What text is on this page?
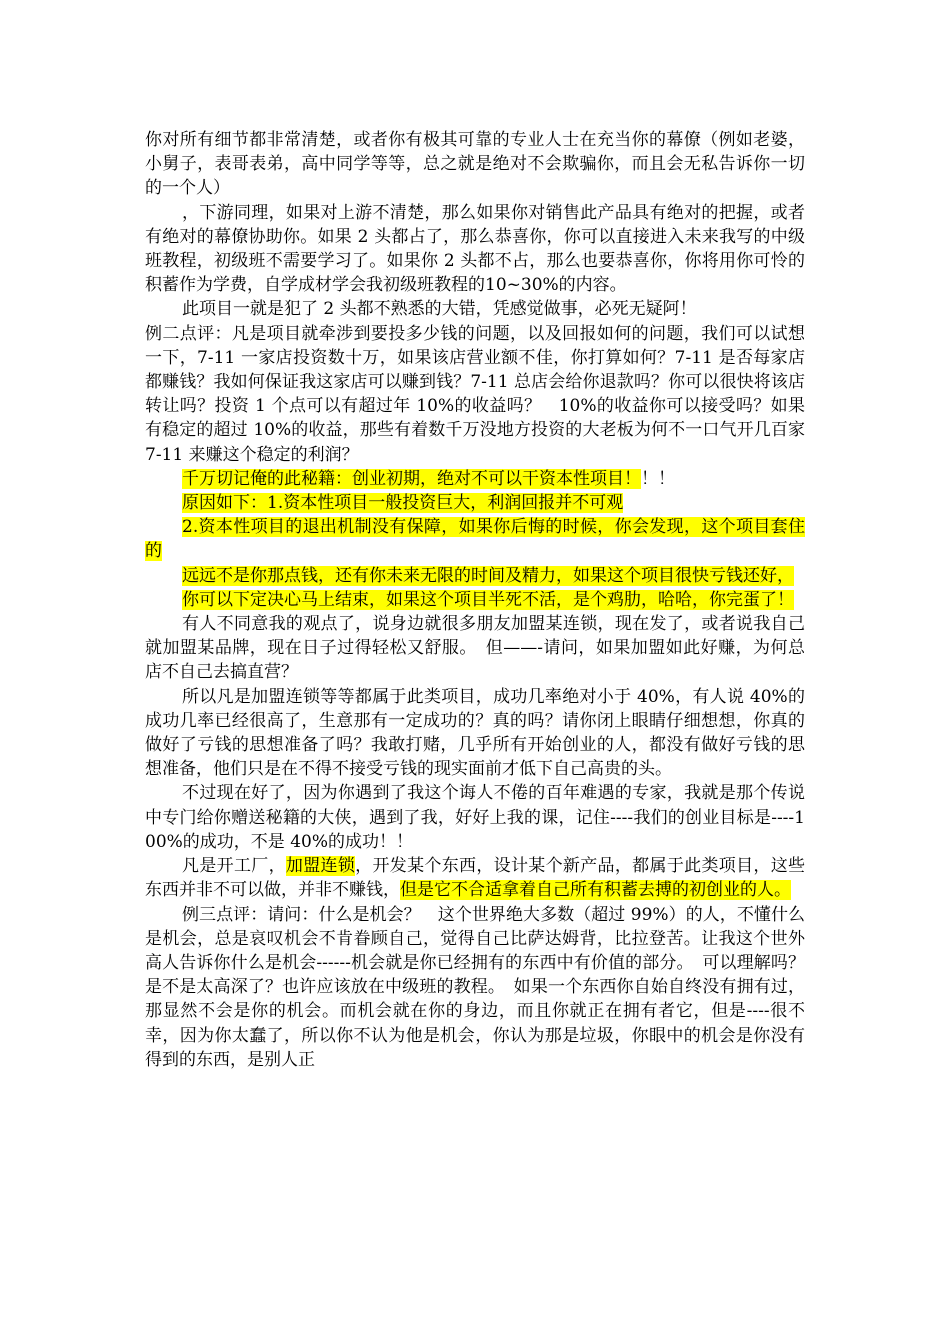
你对所有细节都非常清楚，或者你有极其可靠的专业人士在充当你的幕僚（例如老婆，小舅子，表哥表弟，高中同学等等，总之就是绝对不会欺骗你，而且会无私告诉你一切的一个人）

，下游同理，如果对上游不清楚，那么如果你对销售此产品具有绝对的把握，或者有绝对的幕僚协助你。如果 2 头都占了，那么恭喜你，你可以直接进入未来我写的中级班教程，初级班不需要学习了。如果你 2 头都不占，那么也要恭喜你，你将用你可怜的积蓄作为学费，自学成材学会我初级班教程的10~30%的内容。

此项目一就是犯了 2 头都不熟悉的大错，凭感觉做事，必死无疑阿！

例二点评：凡是项目就牵涉到要投多少钱的问题，以及回报如何的问题，我们可以试想一下，7-11 一家店投资数十万，如果该店营业额不佳，你打算如何？7-11 是否每家店都赚钱？我如何保证我这家店可以赚到钱？7-11 总店会给你退款吗？你可以很快将该店转让吗？投资 1 个点可以有超过年 10%的收益吗？　10%的收益你可以接受吗？如果有稳定的超过 10%的收益，那些有着数千万没地方投资的大老板为何不一口气开几百家 7-11 来赚这个稳定的利润？

千万切记俺的此秘籍：创业初期，绝对不可以干资本性项目！！！

原因如下：1.资本性项目一般投资巨大，利润回报并不可观

2.资本性项目的退出机制没有保障，如果你后悔的时候，你会发现，这个项目套住的

远远不是你那点钱，还有你未来无限的时间及精力，如果这个项目很快亏钱还好，

你可以下定决心马上结束，如果这个项目半死不活，是个鸡肋，哈哈，你完蛋了！

有人不同意我的观点了，说身边就很多朋友加盟某连锁，现在发了，或者说我自己就加盟某品牌，现在日子过得轻松又舒服。　但——-请问，如果加盟如此好赚，为何总店不自己去搞直营？

所以凡是加盟连锁等等都属于此类项目，成功几率绝对小于 40%，有人说 40%的成功几率已经很高了，生意那有一定成功的？真的吗？请你闭上眼睛仔细想想，你真的做好了亏钱的思想准备了吗？我敢打赌，几乎所有开始创业的人，都没有做好亏钱的思想准备，他们只是在不得不接受亏钱的现实面前才低下自己高贵的头。

不过现在好了，因为你遇到了我这个诲人不倦的百年难遇的专家，我就是那个传说中专门给你赠送秘籍的大侠，遇到了我，好好上我的课，记住----我们的创业目标是----100%的成功，不是 40%的成功！！

凡是开工厂，加盟连锁，开发某个东西，设计某个新产品，都属于此类项目，这些东西并非不可以做，并非不赚钱，但是它不合适拿着自己所有积蓄去搏的初创业的人。

例三点评：请问：什么是机会？　这个世界绝大多数（超过 99%）的人，不懂什么是机会，总是哀叹机会不肯眷顾自己，觉得自己比萨达姆背，比拉登苦。让我这个世外高人告诉你什么是机会------机会就是你已经拥有的东西中有价值的部分。　可以理解吗？　是不是太高深了？也许应该放在中级班的教程。　如果一个东西你自始自终没有拥有过，那显然不会是你的机会。而机会就在你的身边，而且你就正在拥有者它，但是----很不幸，因为你太蠢了，所以你不认为他是机会，你认为那是垃圾，你眼中的机会是你没有得到的东西，是别人正
